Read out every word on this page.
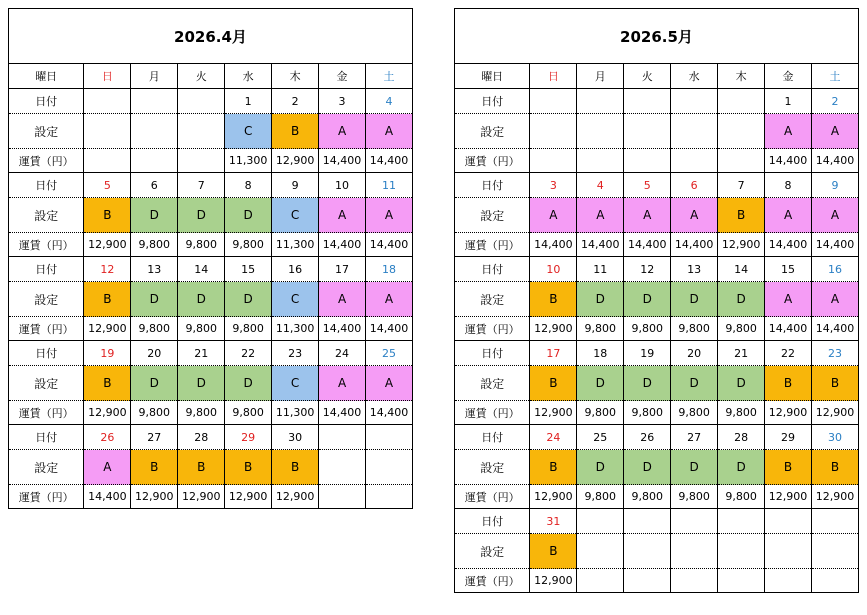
2026.4月							
曜日	日	月	火	水	木	金	土
日付				1	2	3	4
設定				C	B	A	A
運賃（円）				11,300	12,900	14,400	14,400
日付	5	6	7	8	9	10	11
設定	B	D	D	D	C	A	A
運賃（円）	12,900	9,800	9,800	9,800	11,300	14,400	14,400
日付	12	13	14	15	16	17	18
設定	B	D	D	D	C	A	A
運賃（円）	12,900	9,800	9,800	9,800	11,300	14,400	14,400
日付	19	20	21	22	23	24	25
設定	B	D	D	D	C	A	A
運賃（円）	12,900	9,800	9,800	9,800	11,300	14,400	14,400
日付	26	27	28	29	30		
設定	A	B	B	B	B		
運賃（円）	14,400	12,900	12,900	12,900	12,900		
2026.5月							
曜日	日	月	火	水	木	金	土
日付						1	2
設定						A	A
運賃（円）						14,400	14,400
日付	3	4	5	6	7	8	9
設定	A	A	A	A	B	A	A
運賃（円）	14,400	14,400	14,400	14,400	12,900	14,400	14,400
日付	10	11	12	13	14	15	16
設定	B	D	D	D	D	A	A
運賃（円）	12,900	9,800	9,800	9,800	9,800	14,400	14,400
日付	17	18	19	20	21	22	23
設定	B	D	D	D	D	B	B
運賃（円）	12,900	9,800	9,800	9,800	9,800	12,900	12,900
日付	24	25	26	27	28	29	30
設定	B	D	D	D	D	B	B
運賃（円）	12,900	9,800	9,800	9,800	9,800	12,900	12,900
日付	31						
設定	B						
運賃（円）	12,900						
